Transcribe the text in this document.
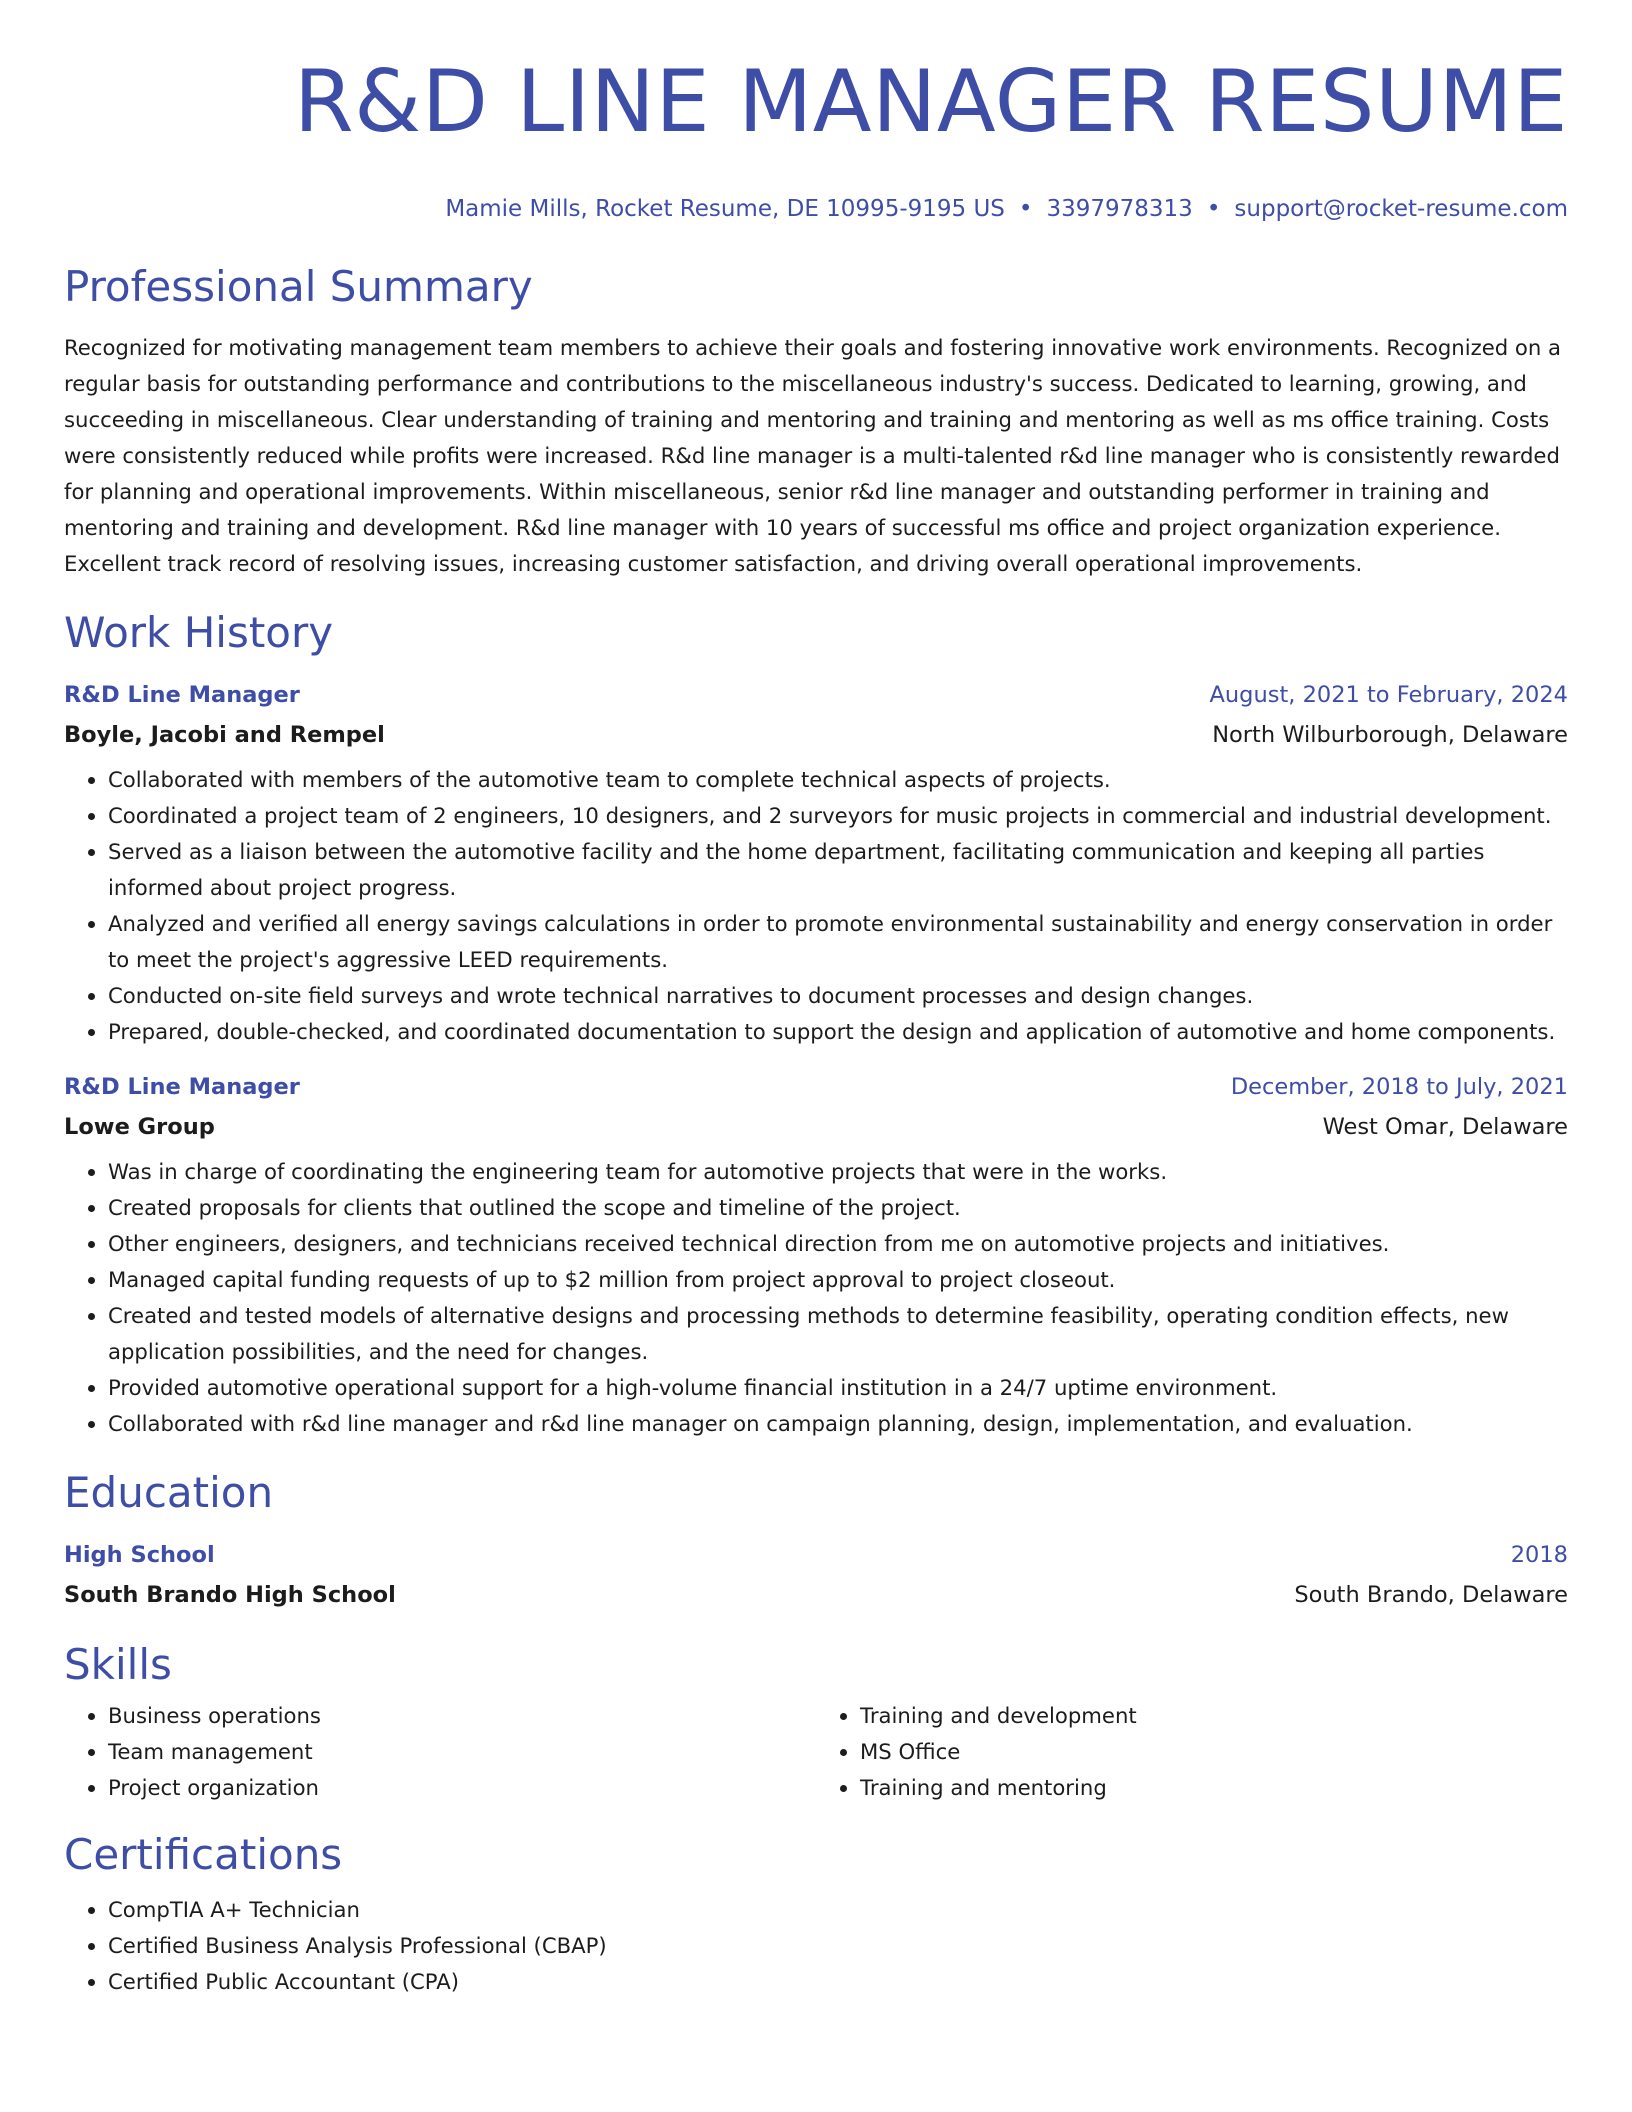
R&D LINE MANAGER RESUME
Mamie Mills, Rocket Resume, DE 10995-9195 US • 3397978313 • support@rocket-resume.com
Professional Summary
Recognized for motivating management team members to achieve their goals and fostering innovative work environments. Recognized on a regular basis for outstanding performance and contributions to the miscellaneous industry's success. Dedicated to learning, growing, and succeeding in miscellaneous. Clear understanding of training and mentoring and training and mentoring as well as ms office training. Costs were consistently reduced while profits were increased. R&d line manager is a multi-talented r&d line manager who is consistently rewarded for planning and operational improvements. Within miscellaneous, senior r&d line manager and outstanding performer in training and mentoring and training and development. R&d line manager with 10 years of successful ms office and project organization experience. Excellent track record of resolving issues, increasing customer satisfaction, and driving overall operational improvements.
Work History
R&D Line Manager	August, 2021 to February, 2024
Boyle, Jacobi and Rempel	North Wilburborough, Delaware
• Collaborated with members of the automotive team to complete technical aspects of projects.
• Coordinated a project team of 2 engineers, 10 designers, and 2 surveyors for music projects in commercial and industrial development.
• Served as a liaison between the automotive facility and the home department, facilitating communication and keeping all parties informed about project progress.
• Analyzed and verified all energy savings calculations in order to promote environmental sustainability and energy conservation in order to meet the project's aggressive LEED requirements.
• Conducted on-site field surveys and wrote technical narratives to document processes and design changes.
• Prepared, double-checked, and coordinated documentation to support the design and application of automotive and home components.
R&D Line Manager	December, 2018 to July, 2021
Lowe Group	West Omar, Delaware
• Was in charge of coordinating the engineering team for automotive projects that were in the works.
• Created proposals for clients that outlined the scope and timeline of the project.
• Other engineers, designers, and technicians received technical direction from me on automotive projects and initiatives.
• Managed capital funding requests of up to $2 million from project approval to project closeout.
• Created and tested models of alternative designs and processing methods to determine feasibility, operating condition effects, new application possibilities, and the need for changes.
• Provided automotive operational support for a high-volume financial institution in a 24/7 uptime environment.
• Collaborated with r&d line manager and r&d line manager on campaign planning, design, implementation, and evaluation.
Education
High School	2018
South Brando High School	South Brando, Delaware
Skills
• Business operations
• Team management
• Project organization
• Training and development
• MS Office
• Training and mentoring
Certifications
• CompTIA A+ Technician
• Certified Business Analysis Professional (CBAP)
• Certified Public Accountant (CPA)
